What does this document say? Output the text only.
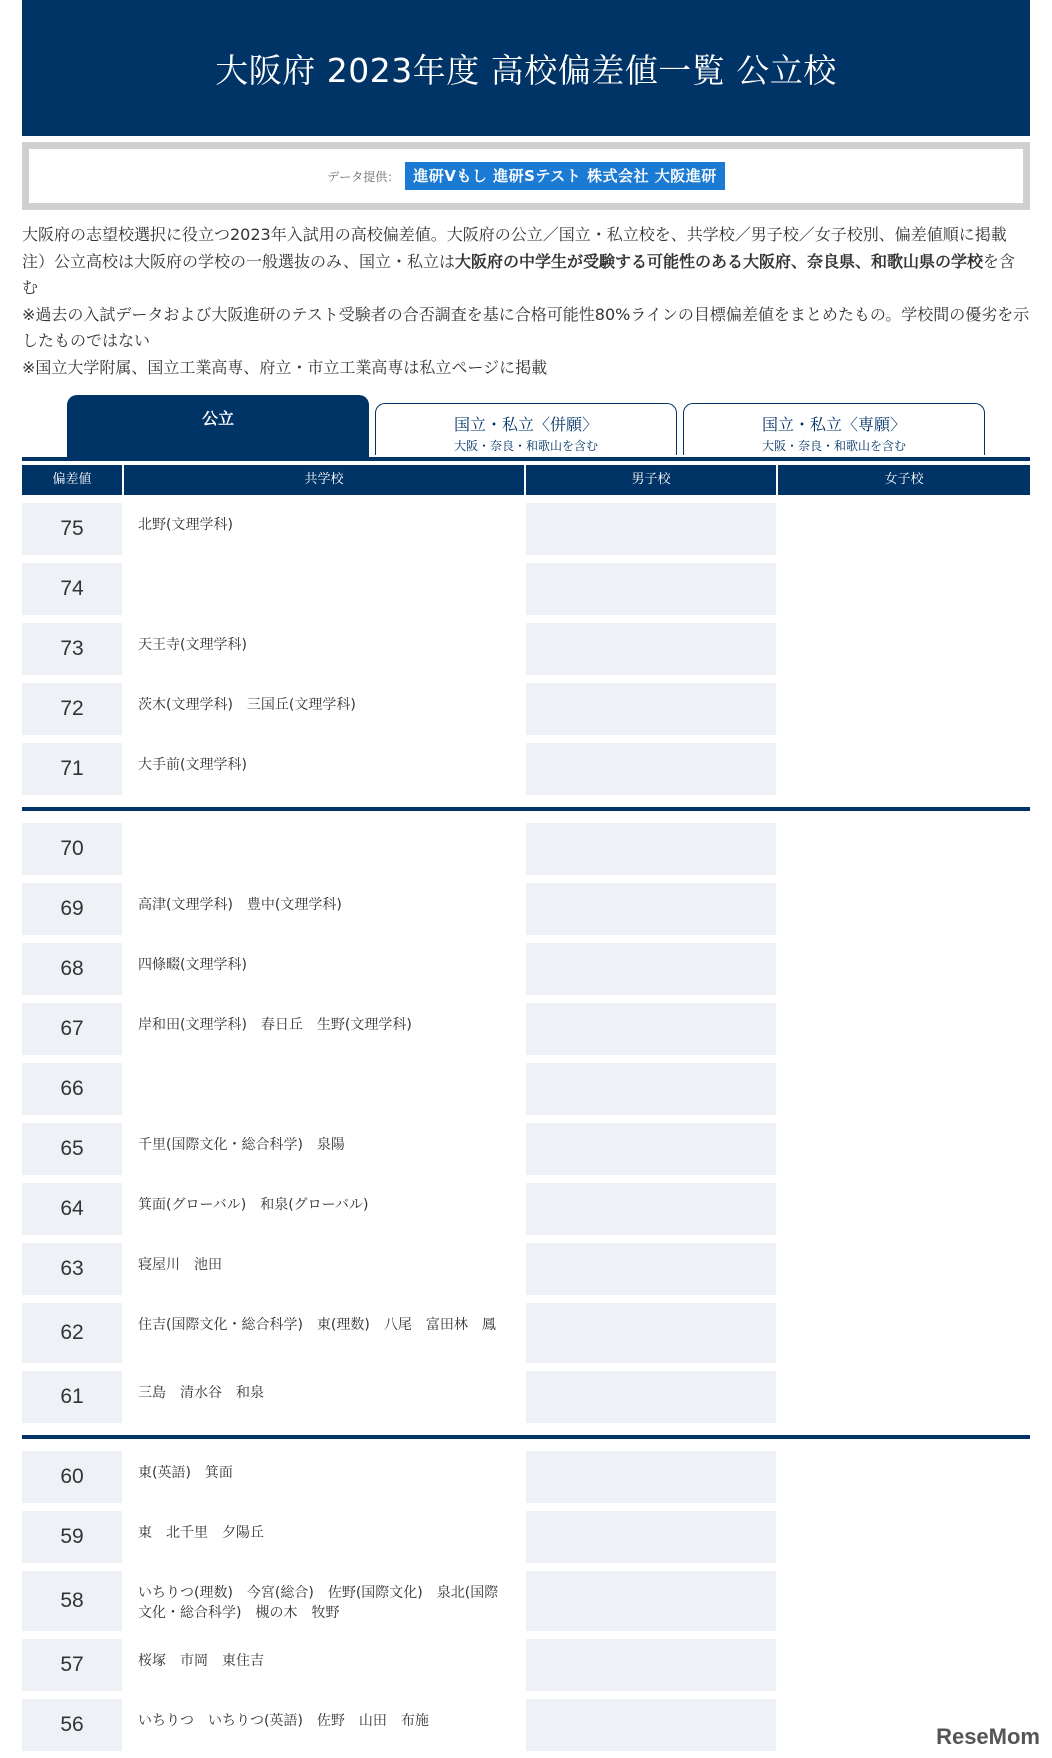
大阪府 2023年度 高校偏差値一覧 公立校
データ提供： 進研Vもし 進研Sテスト 株式会社 大阪進研

大阪府の志望校選択に役立つ2023年入試用の高校偏差値。大阪府の公立／国立・私立校を、共学校／男子校／女子校別、偏差値順に掲載

注）公立高校は大阪府の学校の一般選抜のみ、国立・私立は大阪府の中学生が受験する可能性のある大阪府、奈良県、和歌山県の学校を含む

※過去の入試データおよび大阪進研のテスト受験者の合否調査を基に合格可能性80%ラインの目標偏差値をまとめたもの。学校間の優劣を示したものではない

※国立大学附属、国立工業高専、府立・市立工業高専は私立ページに掲載

公立	国立・私立〈併願〉
大阪・奈良・和歌山を含む
国立・私立〈専願〉
大阪・奈良・和歌山を含む
偏差値	共学校	男子校	女子校
75	北野(文理学科)
74
73	天王寺(文理学科)
72	茨木(文理学科)　三国丘(文理学科)
71	大手前(文理学科)
70
69	高津(文理学科)　豊中(文理学科)
68	四條畷(文理学科)
67	岸和田(文理学科)　春日丘　生野(文理学科)
66
65	千里(国際文化・総合科学)　泉陽
64	箕面(グローバル)　和泉(グローバル)
63	寝屋川　池田
62	住吉(国際文化・総合科学)　東(理数)　八尾　富田林　鳳
61	三島　清水谷　和泉
60	東(英語)　箕面
59	東　北千里　夕陽丘
58	いちりつ(理数)　今宮(総合)　佐野(国際文化)　泉北(国際文化・総合科学)　槻の木　牧野
57	桜塚　市岡　東住吉
56	いちりつ　いちりつ(英語)　佐野　山田　布施
ReseMom
